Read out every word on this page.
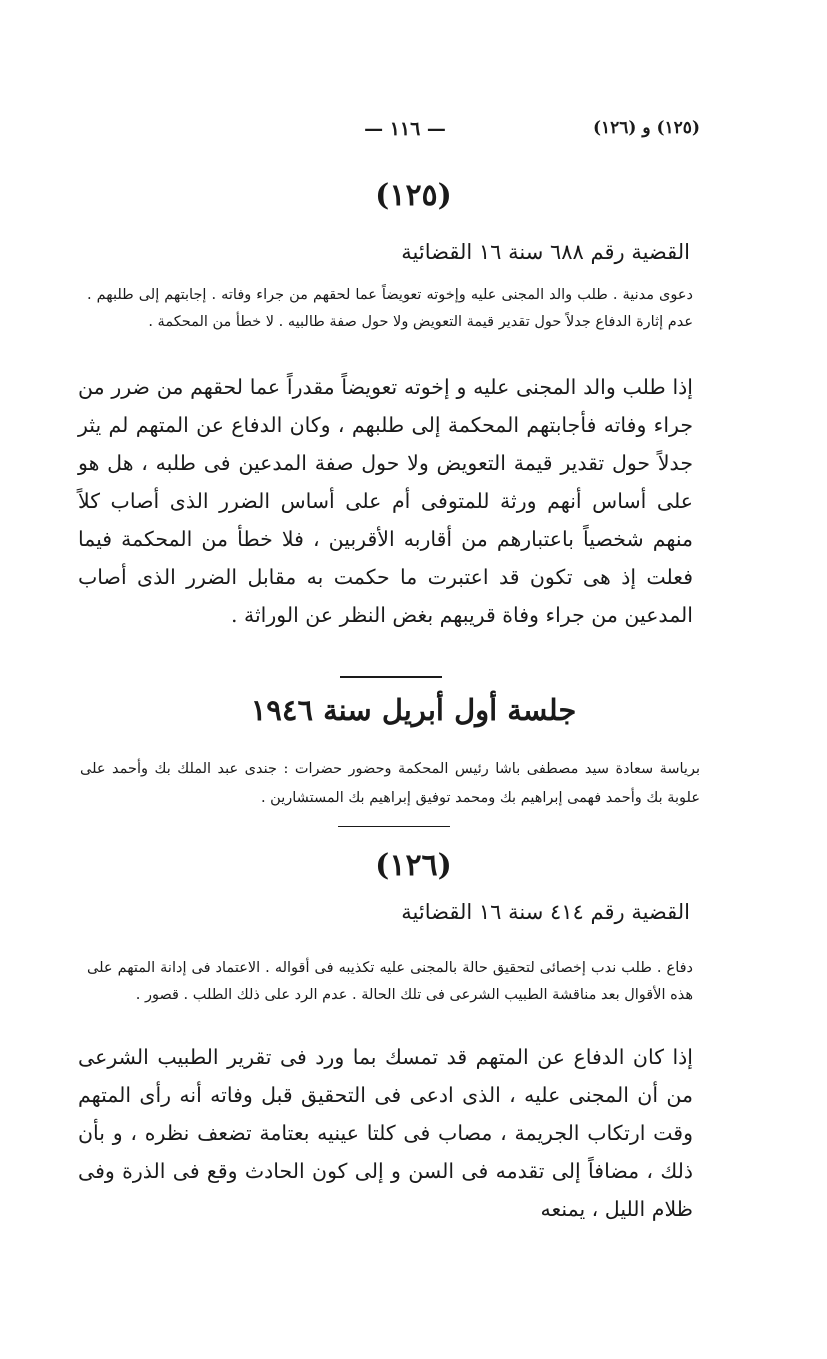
— ١١٦ —	(١٢٥) و (١٢٦)
(١٢٥)
القضية رقم ٦٨٨ سنة ١٦ القضائية
دعوى مدنية . طلب والد المجنى عليه وإخوته تعويضاً عما لحقهم من جراء وفاته . إجابتهم إلى طلبهم . عدم إثارة الدفاع جدلاً حول تقدير قيمة التعويض ولا حول صفة طالبيه . لا خطأ من المحكمة .
إذا طلب والد المجنى عليه و إخوته تعويضاً مقدراً عما لحقهم من ضرر من جراء وفاته فأجابتهم المحكمة إلى طلبهم ، وكان الدفاع عن المتهم لم يثر جدلاً حول تقدير قيمة التعويض ولا حول صفة المدعين فى طلبه ، هل هو على أساس أنهم ورثة للمتوفى أم على أساس الضرر الذى أصاب كلاً منهم شخصياً باعتبارهم من أقاربه الأقربين ، فلا خطأ من المحكمة فيما فعلت إذ هى تكون قد اعتبرت ما حكمت به مقابل الضرر الذى أصاب المدعين من جراء وفاة قريبهم بغض النظر عن الوراثة .
جلسة أول أبريل سنة ١٩٤٦
برياسة سعادة سيد مصطفى باشا رئيس المحكمة وحضور حضرات : جندى عبد الملك بك وأحمد على علوبة بك وأحمد فهمى إبراهيم بك ومحمد توفيق إبراهيم بك المستشارين .
(١٢٦)
القضية رقم ٤١٤ سنة ١٦ القضائية
دفاع . طلب ندب إخصائى لتحقيق حالة بالمجنى عليه تكذيبه فى أقواله . الاعتماد فى إدانة المتهم على هذه الأقوال بعد مناقشة الطبيب الشرعى فى تلك الحالة . عدم الرد على ذلك الطلب . قصور .
إذا كان الدفاع عن المتهم قد تمسك بما ورد فى تقرير الطبيب الشرعى من أن المجنى عليه ، الذى ادعى فى التحقيق قبل وفاته أنه رأى المتهم وقت ارتكاب الجريمة ، مصاب فى كلتا عينيه بعتامة تضعف نظره ، و بأن ذلك ، مضافاً إلى تقدمه فى السن و إلى كون الحادث وقع فى الذرة وفى ظلام الليل ، يمنعه
